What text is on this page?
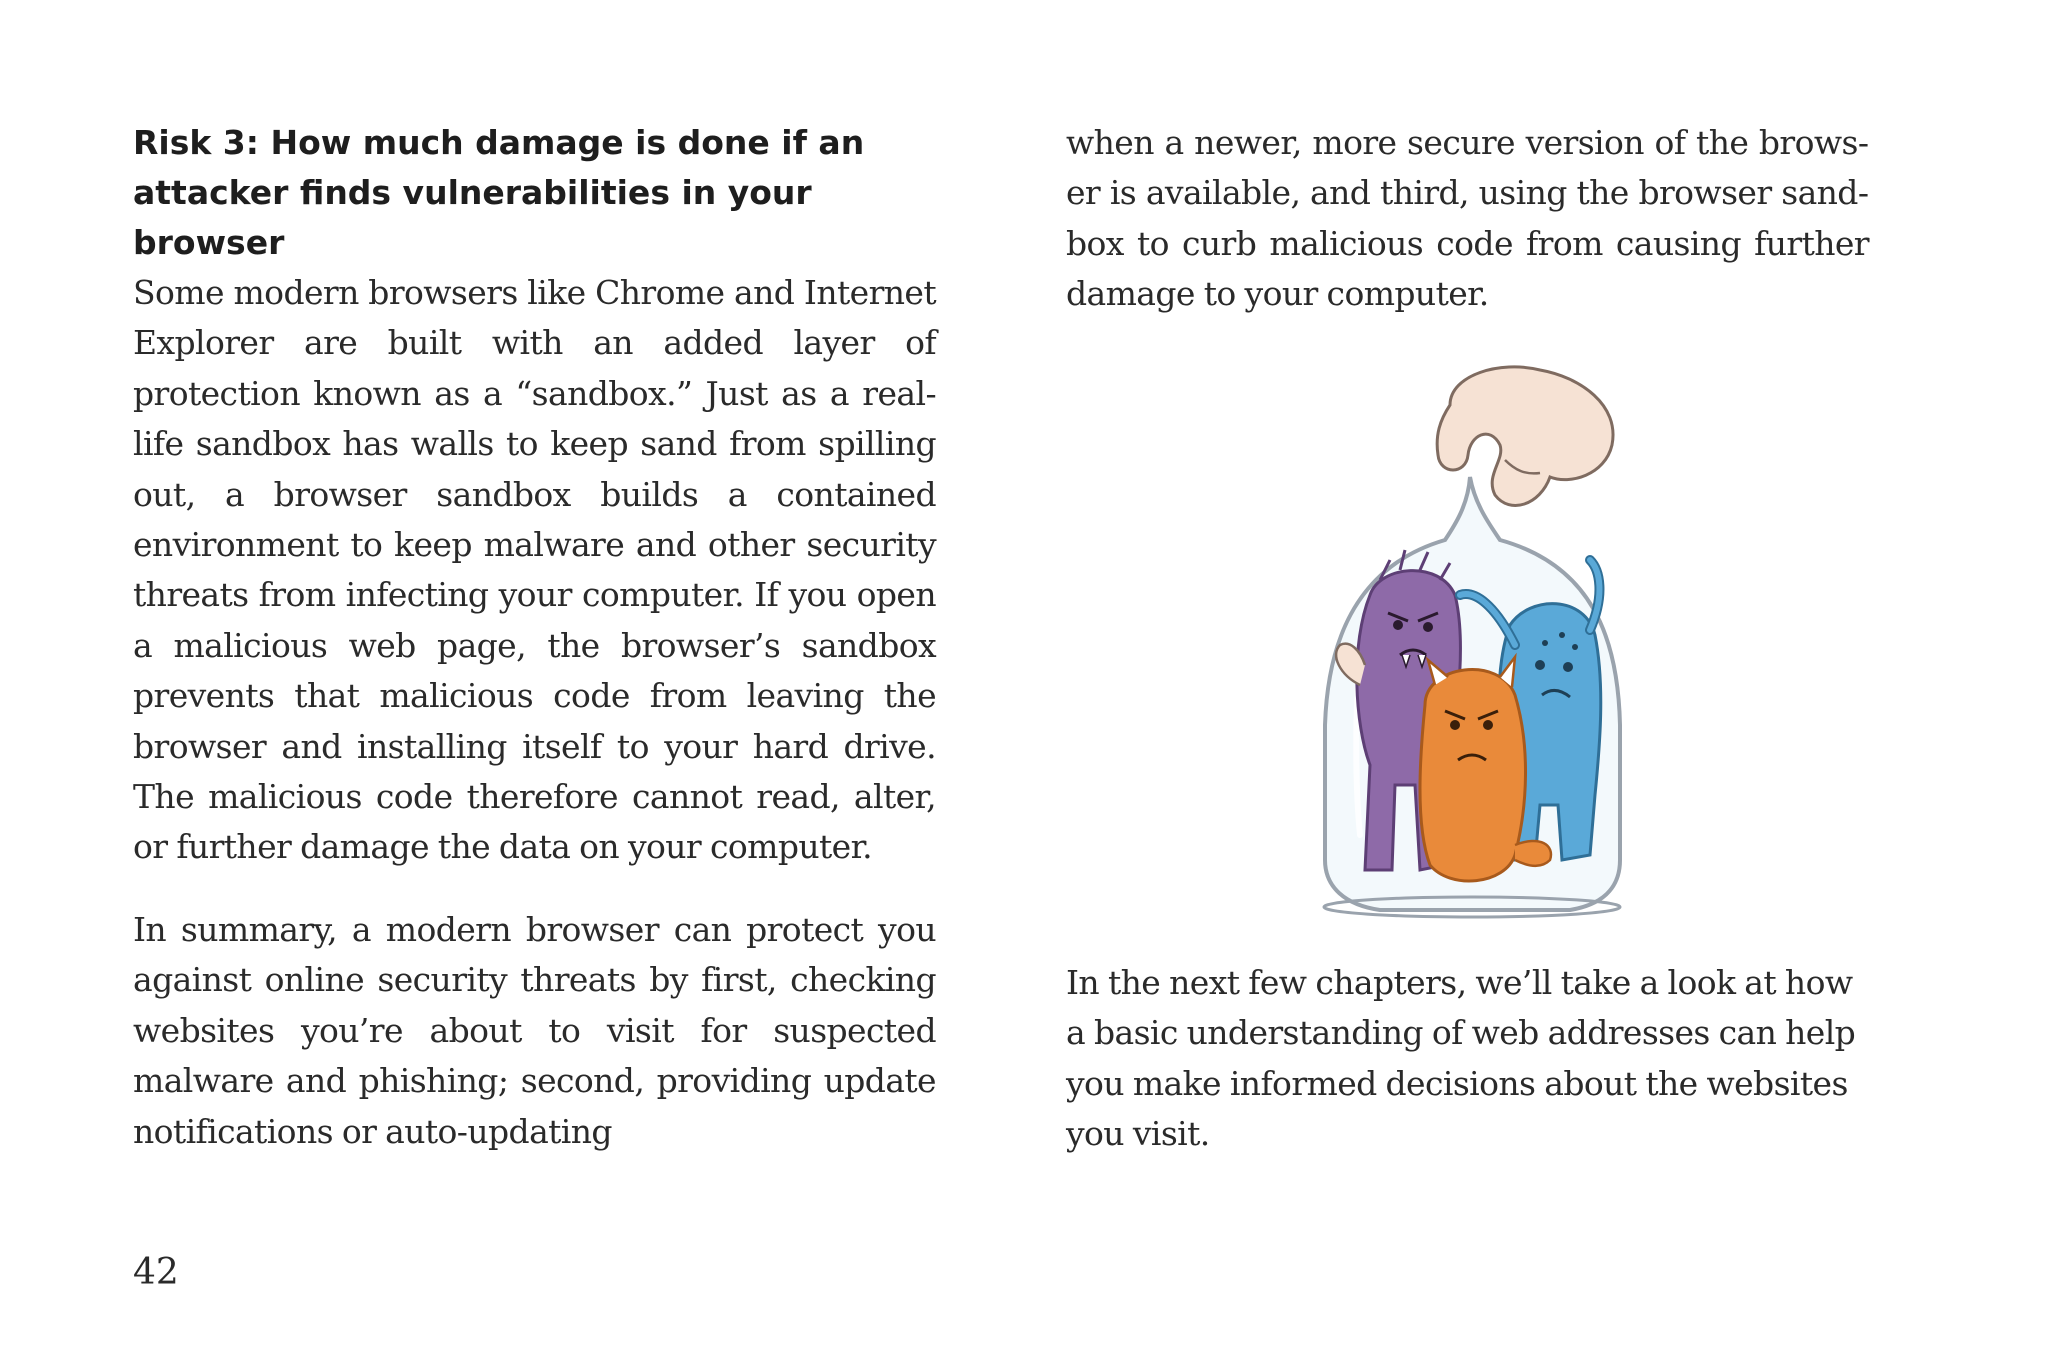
Risk 3: How much damage is done if an attacker finds vulnerabilities in your browser

Some modern browsers like Chrome and Internet Explorer are built with an added layer of protection known as a “sandbox.” Just as a real-life sandbox has walls to keep sand from spilling out, a browser sandbox builds a contained environment to keep malware and other security threats from infecting your computer. If you open a malicious web page, the browser’s sandbox prevents that malicious code from leaving the browser and installing itself to your hard drive. The malicious code therefore cannot read, alter, or further damage the data on your computer.

In summary, a modern browser can protect you against online security threats by first, checking websites you’re about to visit for suspected malware and phishing; second, providing update notifications or auto-updating

when a newer, more secure version of the browser is available, and third, using the browser sandbox to curb malicious code from causing further damage to your computer.

In the next few chapters, we’ll take a look at how a basic understanding of web addresses can help you make informed decisions about the websites you visit.

42
